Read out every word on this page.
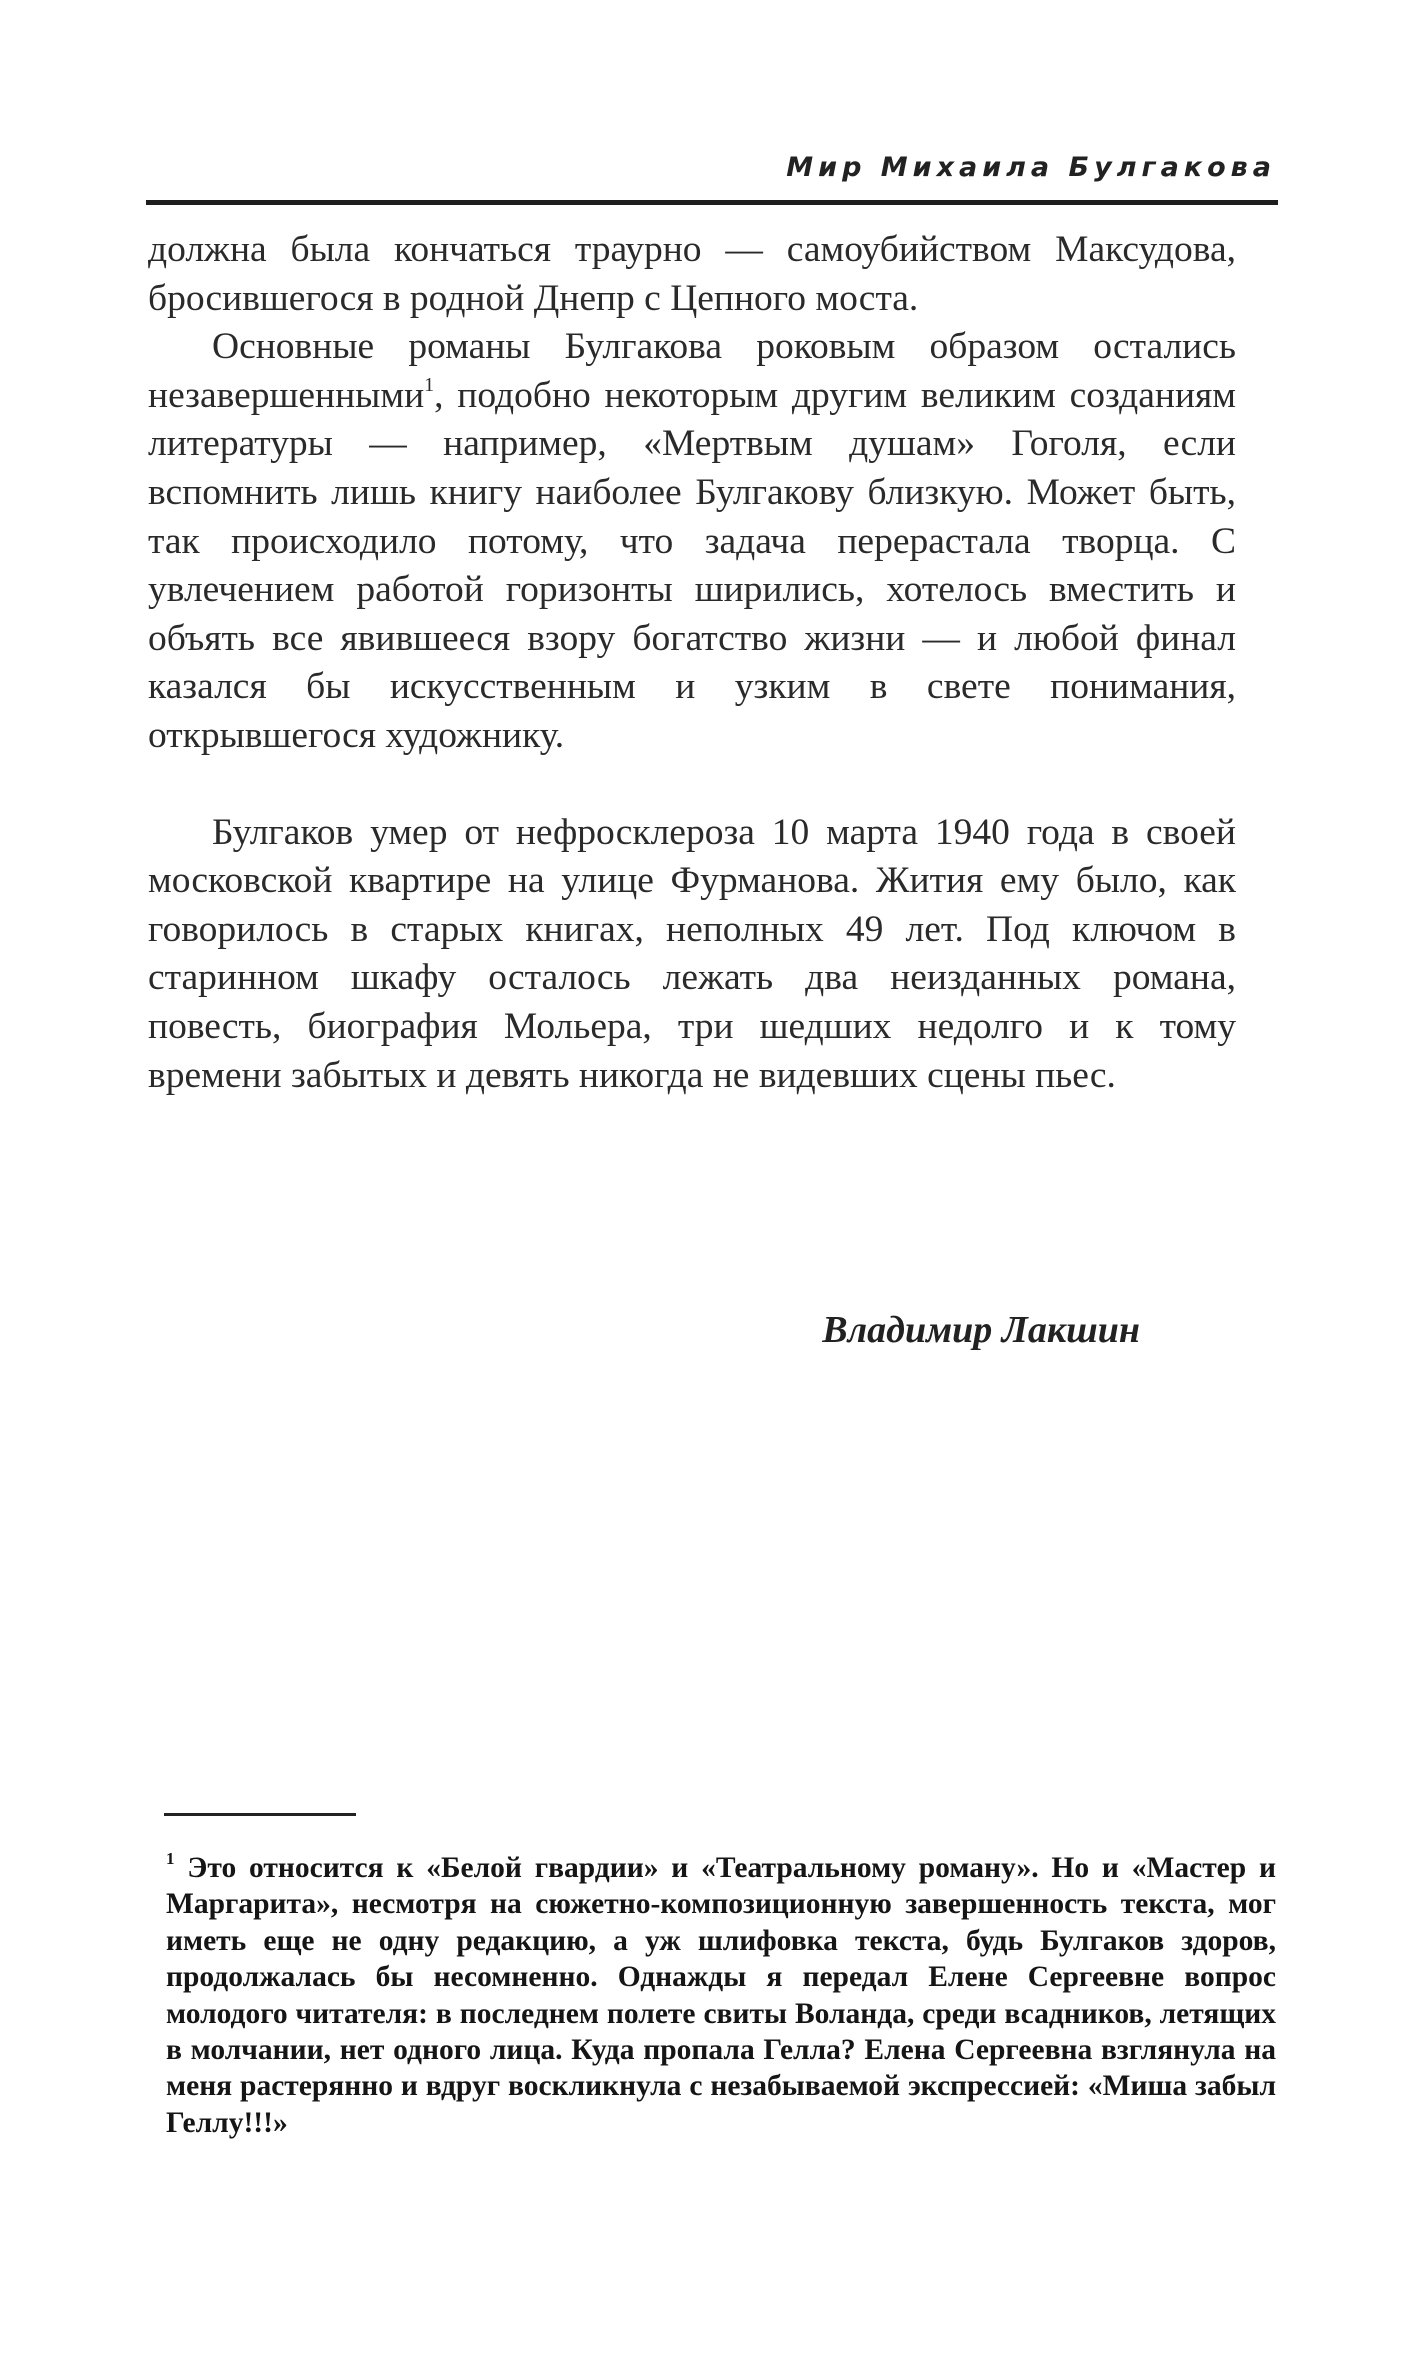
Мир Михаила Булгакова

должна была кончаться траурно — самоубийством Максудова, бросившегося в родной Днепр с Цепного моста.

Основные романы Булгакова роковым образом остались незавершенными$^1$, подобно некоторым другим великим созданиям литературы — например, «Мертвым душам» Гоголя, если вспомнить лишь книгу наиболее Булгакову близкую. Может быть, так происходило потому, что задача перерастала творца. С увлечением работой горизонты ширились, хотелось вместить и объять все явившееся взору богатство жизни — и любой финал казался бы искусственным и узким в свете понимания, открывшегося художнику.

Булгаков умер от нефросклероза 10 марта 1940 года в своей московской квартире на улице Фурманова. Жития ему было, как говорилось в старых книгах, неполных 49 лет. Под ключом в старинном шкафу осталось лежать два неизданных романа, повесть, биография Мольера, три шедших недолго и к тому времени забытых и девять никогда не видевших сцены пьес.

Владимир Лакшин
$^1$ Это относится к «Белой гвардии» и «Театральному роману». Но и «Мастер и Маргарита», несмотря на сюжетно-композиционную завершенность текста, мог иметь еще не одну редакцию, а уж шлифовка текста, будь Булгаков здоров, продолжалась бы несомненно. Однажды я передал Елене Сергеевне вопрос молодого читателя: в последнем полете свиты Воланда, среди всадников, летящих в молчании, нет одного лица. Куда пропала Гелла? Елена Сергеевна взглянула на меня растерянно и вдруг воскликнула с незабываемой экспрессией: «Миша забыл Геллу!!!»
